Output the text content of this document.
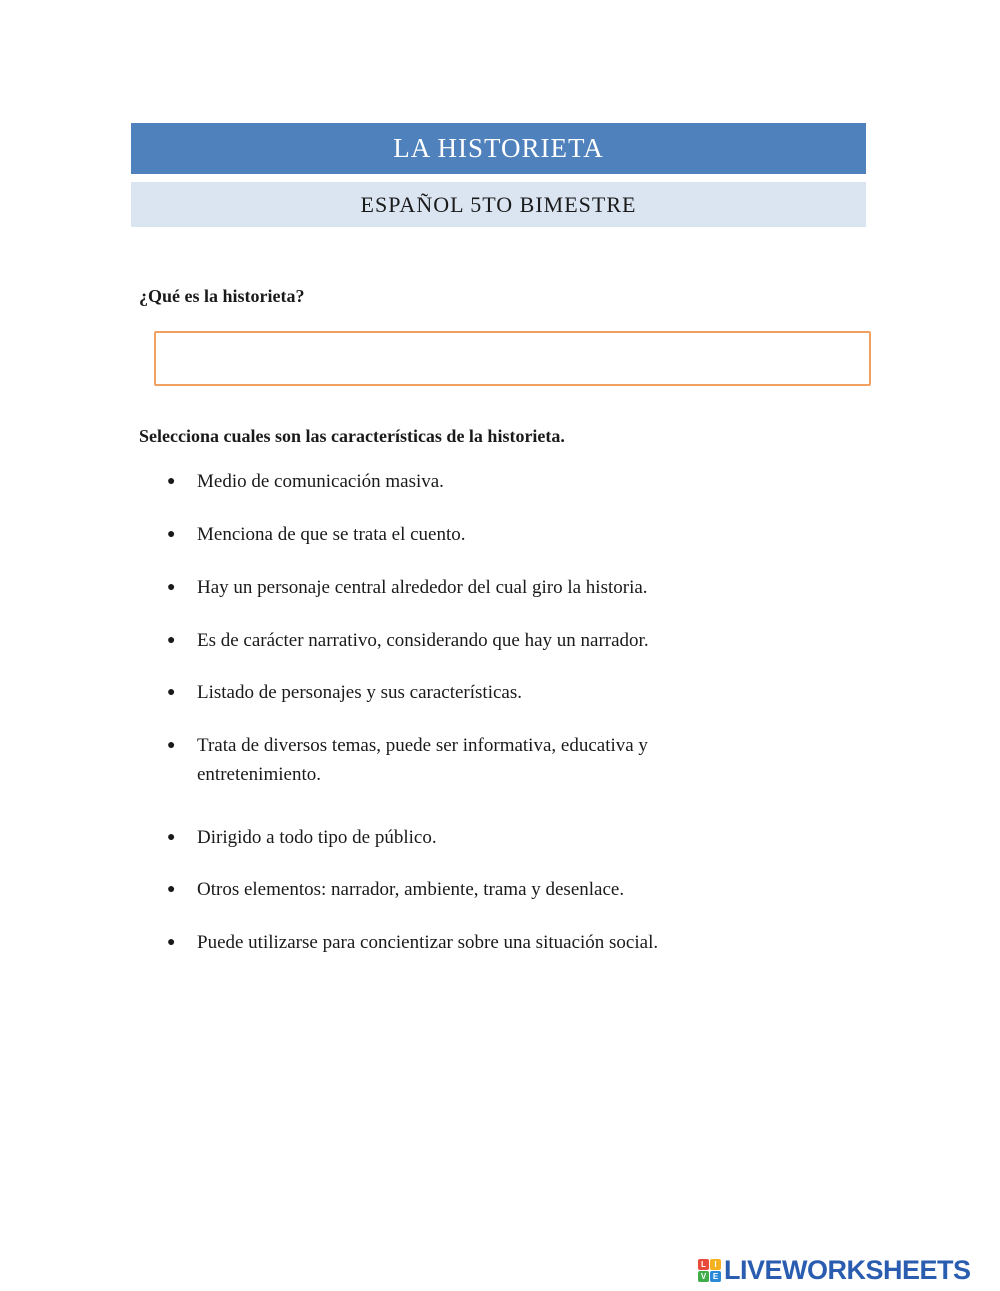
LA HISTORIETA
ESPAÑOL 5TO BIMESTRE
¿Qué es la historieta?
Selecciona cuales son las características de la historieta.
●	Medio de comunicación masiva.
●	Menciona de que se trata el cuento.
●	Hay un personaje central alrededor del cual giro la historia.
●	Es de carácter narrativo, considerando que hay un narrador.
●	Listado de personajes y sus características.
●	Trata de diversos temas, puede ser informativa, educativa y entretenimiento.
●	Dirigido a todo tipo de público.
●	Otros elementos: narrador, ambiente, trama y desenlace.
●	Puede utilizarse para concientizar sobre una situación social.
L	I
V E LIVEWORKSHEETS
